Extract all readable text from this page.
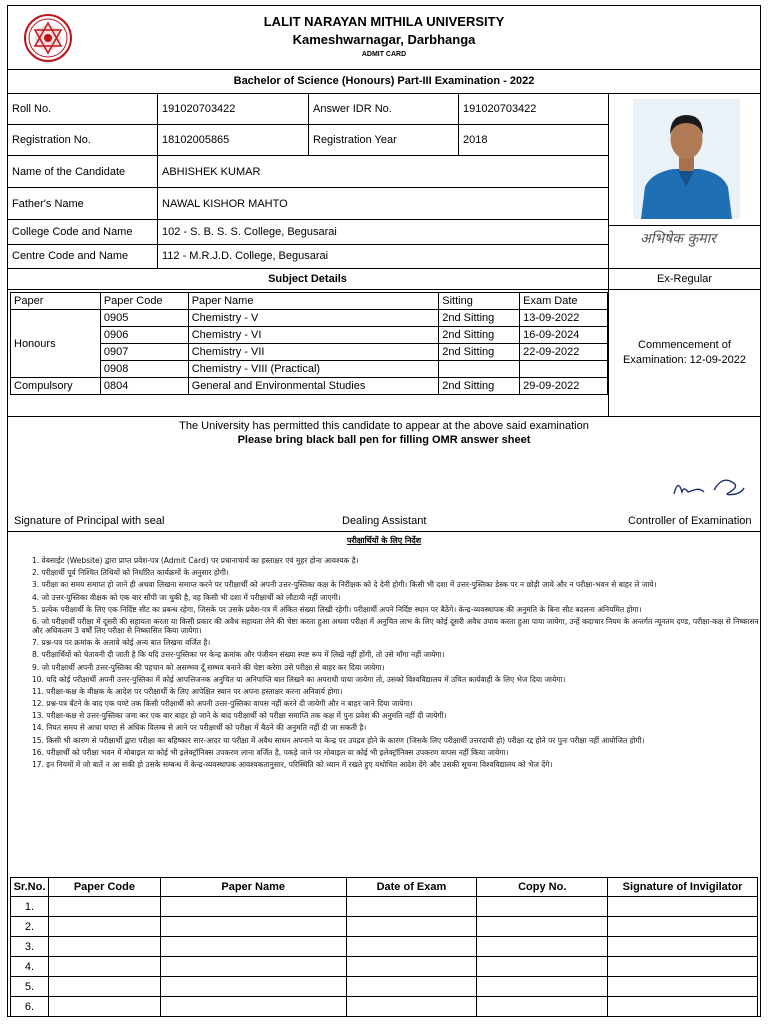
LALIT NARAYAN MITHILA UNIVERSITY
Kameshwarnagar, Darbhanga
ADMIT CARD
Bachelor of Science (Honours) Part-III Examination - 2022
Roll No.	191020703422	Answer IDR No.	191020703422
Registration No.	18102005865	Registration Year	2018
Name of the Candidate	ABHISHEK KUMAR
Father's Name	NAWAL KISHOR MAHTO
College Code and Name	102 - S. B. S. S. College, Begusarai
Centre Code and Name	112 - M.R.J.D. College, Begusarai
अभिषेक कुमार
Subject Details	Ex-Regular
Paper	Paper Code	Paper Name	Sitting	Exam Date
Honours	0905	Chemistry - V	2nd Sitting	13-09-2022
	0906	Chemistry - VI	2nd Sitting	16-09-2024
	0907	Chemistry - VII	2nd Sitting	22-09-2022
	0908	Chemistry - VIII (Practical)		
Compulsory	0804	General and Environmental Studies	2nd Sitting	29-09-2022
Commencement of Examination: 12-09-2022
The University has permitted this candidate to appear at the above said examination
Please bring black ball pen for filling OMR answer sheet
Signature of Principal with seal	Dealing Assistant	Controller of Examination
परीक्षार्थियों के लिए निर्देश
1. वेबसाईट (Website) द्वारा प्राप्त प्रवेश-पत्र (Admit Card) पर प्रधानाचार्य का हस्ताक्षर एवं मुहर होना आवश्यक है।
2. परीक्षार्थी पूर्व निश्चित तिथियों को निर्धारित कार्यक्रमों के अनुसार होगी।
3. परीक्षा का समय समाप्त हो जाने ही अथवा लिखना समाप्त करने पर परीक्षार्थी को अपनी उत्तर-पुस्तिका कक्ष के निरीक्षक को दे देनी होगी। किसी भी दशा में उत्तर-पुस्तिका डेस्क पर न छोड़ी जाये और न परीक्षा-भवन से बाहर ले जाये।
4. जो उत्तर-पुस्तिका वीक्षक को एक बार सौंपी जा चुकी है, वह किसी भी दशा में परीक्षार्थी को लौटायी नहीं जाएगी।
5. प्रत्येक परीक्षार्थी के लिए एक निर्दिष्ट सीट का प्रबन्ध रहेगा, जिसके पर उसके प्रवेश-पत्र में अंकित संख्या लिखी रहेगी। परीक्षार्थी अपने निर्दिष्ट स्थान पर बैठेंगे। केन्द्र-व्यवस्थापक की अनुमति के बिना सीट बदलना अनियमित होगा।
6. जो परीक्षार्थी परीक्षा में दूसरी की सहायता करता या किसी प्रकार की अवैध सहायता लेने की चेष्टा करता हुआ अथवा परीक्षा में अनुचित लाभ के लिए कोई दूसरी अवैध उपाय करता हुआ पाया जायेगा, उन्हें कदाचार नियम के अन्तर्गत न्यूनतम दण्ड, परीक्षा-कक्ष से निष्कासन और अधिकतम 3 वर्षों लिए परीक्षा से निष्कासित किया जायेगा।
7. प्रश्न-पत्र पर क्रमांक के अलावे कोई अन्य बात लिखना वर्जित है।
8. परीक्षार्थियों को चेतावनी दी जाती है कि यदि उत्तर-पुस्तिका पर केन्द्र क्रमांक और पंजीयन संख्या स्पष्ट रूप में लिखे नहीं होंगी, तो उसे माँगा नहीं जायेगा।
9. जो परीक्षार्थी अपनी उत्तर-पुस्तिका की पहचान को असम्भव दूँ सम्भव बनाने की चेष्टा करेगा उसे परीक्षा से बाहर कर दिया जायेगा।
10. यदि कोई परीक्षार्थी अपनी उत्तर-पुस्तिका में कोई आपत्तिजनक अनुचित या अनिपाप्ति बात लिखने का अपराधी पाया जायेगा तो, उसको विश्वविद्यालय में उचित कार्यवाही के लिए भेज दिया जायेगा।
11. परीक्षा-कक्ष के वीक्षक के आदेश पर परीक्षार्थी के लिए आपेक्षित स्थान पर अपना हस्ताक्षर करना अनिवार्य होगा।
12. प्रश्न-पत्र बँटने के बाद एक घण्टे तक किसी परीक्षार्थी को अपनी उत्तर-पुस्तिका वापस नहीं करने दी जायेगी और न बाहर जाने दिया जायेगा।
13. परीक्षा-कक्ष से उत्तर-पुस्तिका जमा कर एक बार बाहर हो जाने के बाद परीक्षार्थी को परीक्षा समाप्ति तक कक्ष में पुनः प्रवेश की अनुमति नहीं दी जायेगी।
14. नियत समय से आधा घण्टा से अधिक विलम्ब से आने पर परीक्षार्थी को परीक्षा में बैठने की अनुमति नहीं दी जा सकती है।
15. किसी भी कारण से परीक्षार्थी द्वारा परीक्षा का बहिष्कार सार-आदर या परीक्षा में अवैध साधन अपनाने या केन्द्र पर उपद्रव होने के कारण (जिसके लिए परीक्षार्थी उत्तरदायी हो) परीक्षा रद्द होने पर पुनः परीक्षा नहीं आयोजित होगी।
16. परीक्षार्थी को परीक्षा भवन में मोबाइल या कोई भी इलेक्ट्रॉनिक्स उपकरण लाना वर्जित है, पकड़े जाने पर मोबाइल या कोई भी इलेक्ट्रॉनिक्स उपकरण वापस नहीं किया जायेगा।
17. इन नियमों में जो बातें न आ सकी हो उसके सम्बन्ध में केन्द्र-व्यवस्थापक आवश्यकतानुसार, परिस्थिति को ध्यान में रखते हुए यथोचित आदेश देंगे और उसकी सूचना विश्वविद्यालय को भेज देंगे।
Sr.No.	Paper Code	Paper Name	Date of Exam	Copy No.	Signature of Invigilator
1.					
2.					
3.					
4.					
5.					
6.					
